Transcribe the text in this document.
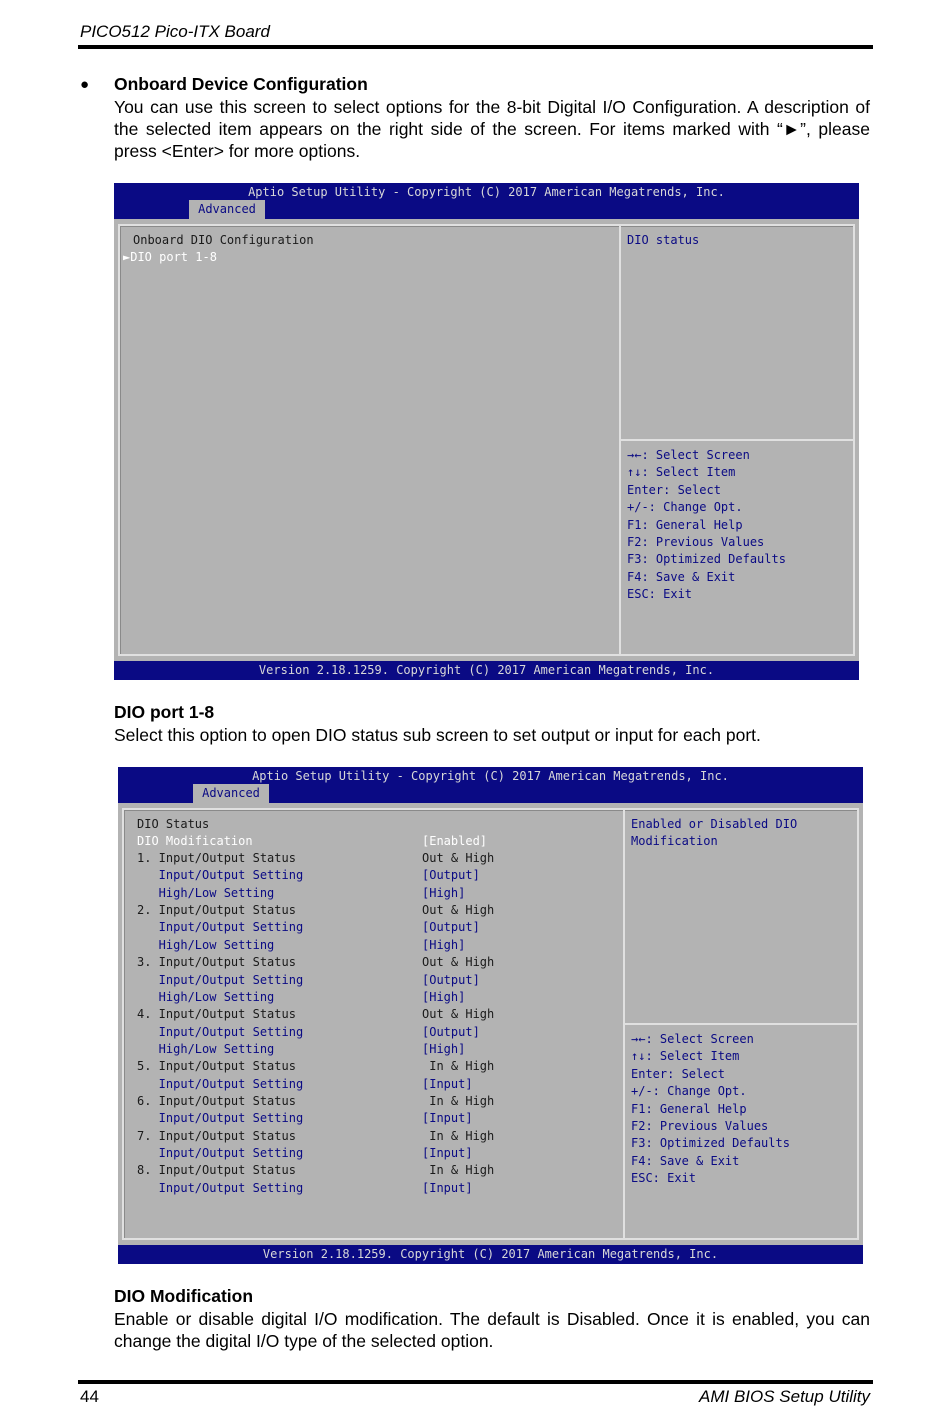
PICO512 Pico-ITX Board
● Onboard Device Configuration
You can use this screen to select options for the 8-bit Digital I/O Configuration. A description of the selected item appears on the right side of the screen. For items marked with “►”, please press <Enter> for more options.
Aptio Setup Utility - Copyright (C) 2017 American Megatrends, Inc.
Advanced
Onboard DIO Configuration
►DIO port 1-8
DIO status
→←: Select Screen
↑↓: Select Item
Enter: Select
+/-: Change Opt.
F1: General Help
F2: Previous Values
F3: Optimized Defaults
F4: Save & Exit
ESC: Exit
Version 2.18.1259. Copyright (C) 2017 American Megatrends, Inc.
DIO port 1-8
Select this option to open DIO status sub screen to set output or input for each port.
Aptio Setup Utility - Copyright (C) 2017 American Megatrends, Inc.
Advanced
DIO Status
DIO Modification	[Enabled]
1. Input/Output Status	Out & High
Input/Output Setting	[Output]
High/Low Setting	[High]
2. Input/Output Status	Out & High
Input/Output Setting	[Output]
High/Low Setting	[High]
3. Input/Output Status	Out & High
Input/Output Setting	[Output]
High/Low Setting	[High]
4. Input/Output Status	Out & High
Input/Output Setting	[Output]
High/Low Setting	[High]
5. Input/Output Status	In & High
Input/Output Setting	[Input]
6. Input/Output Status	In & High
Input/Output Setting	[Input]
7. Input/Output Status	In & High
Input/Output Setting	[Input]
8. Input/Output Status	In & High
Input/Output Setting	[Input]
Enabled or Disabled DIO
Modification
→←: Select Screen
↑↓: Select Item
Enter: Select
+/-: Change Opt.
F1: General Help
F2: Previous Values
F3: Optimized Defaults
F4: Save & Exit
ESC: Exit
Version 2.18.1259. Copyright (C) 2017 American Megatrends, Inc.
DIO Modification
Enable or disable digital I/O modification. The default is Disabled. Once it is enabled, you can change the digital I/O type of the selected option.
44	AMI BIOS Setup Utility
